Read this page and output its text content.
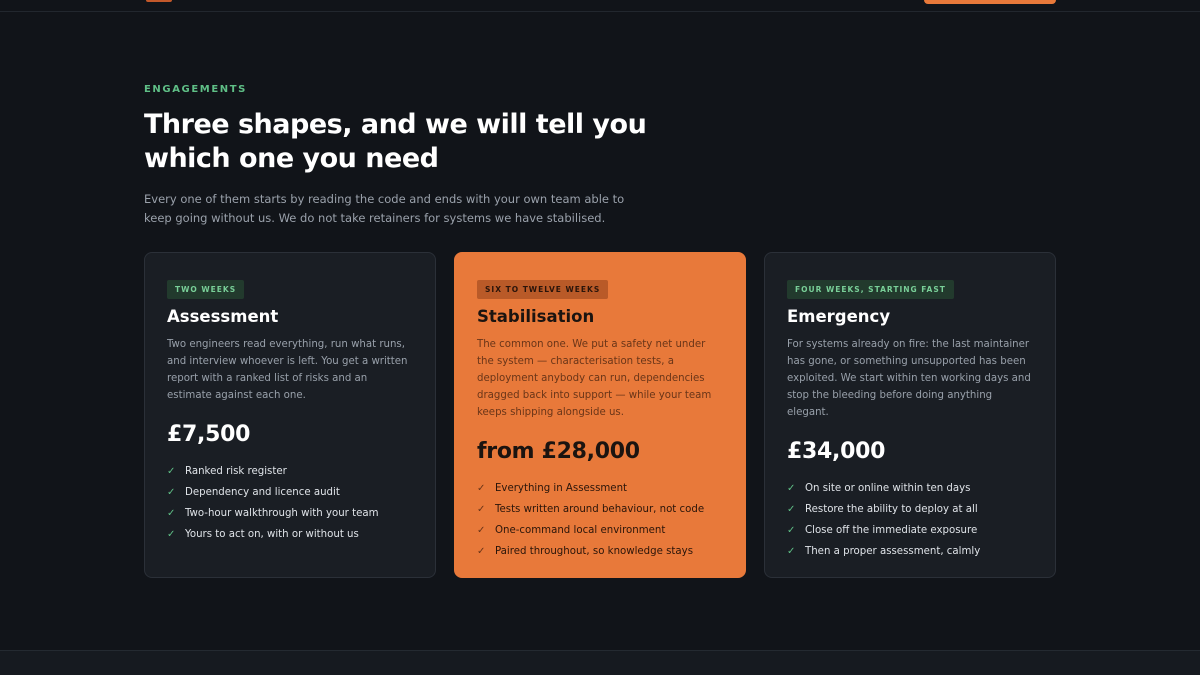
ENGAGEMENTS
Three shapes, and we will tell you which one you need

Every one of them starts by reading the code and ends with your own team able to keep going without us. We do not take retainers for systems we have stabilised.

TWO WEEKS
Assessment

Two engineers read everything, run what runs, and interview whoever is left. You get a written report with a ranked list of risks and an estimate against each one.

£7,500
✓ Ranked risk register
✓ Dependency and licence audit
✓ Two-hour walkthrough with your team
✓ Yours to act on, with or without us
SIX TO TWELVE WEEKS
Stabilisation

The common one. We put a safety net under the system — characterisation tests, a deployment anybody can run, dependencies dragged back into support — while your team keeps shipping alongside us.

from £28,000
✓ Everything in Assessment
✓ Tests written around behaviour, not code
✓ One-command local environment
✓ Paired throughout, so knowledge stays
FOUR WEEKS, STARTING FAST
Emergency

For systems already on fire: the last maintainer has gone, or something unsupported has been exploited. We start within ten working days and stop the bleeding before doing anything elegant.

£34,000
✓ On site or online within ten days
✓ Restore the ability to deploy at all
✓ Close off the immediate exposure
✓ Then a proper assessment, calmly
